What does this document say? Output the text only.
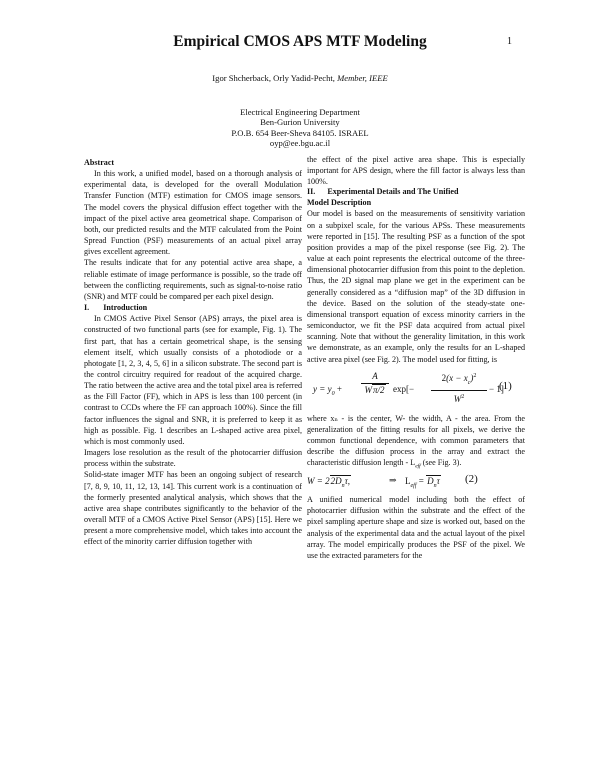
1
Empirical CMOS APS MTF Modeling
Igor Shcherback, Orly Yadid-Pecht, Member, IEEE
Electrical Engineering Department
Ben-Gurion University
P.O.B. 654 Beer-Sheva 84105. ISRAEL
oyp@ee.bgu.ac.il

Abstract

In this work, a unified model, based on a thorough analysis of experimental data, is developed for the overall Modulation Transfer Function (MTF) estimation for CMOS image sensors. The model covers the physical diffusion effect together with the impact of the pixel active area geometrical shape. Comparison of both, our predicted results and the MTF calculated from the Point Spread Function (PSF) measurements of an actual pixel array gives excellent agreement.

The results indicate that for any potential active area shape, a reliable estimate of image performance is possible, so the trade off between the conflicting requirements, such as signal-to-noise ratio (SNR) and MTF could be compared per each pixel design.

I. Introduction

In CMOS Active Pixel Sensor (APS) arrays, the pixel area is constructed of two functional parts (see for example, Fig. 1). The first part, that has a certain geometrical shape, is the sensing element itself, which usually consists of a photodiode or a photogate [1, 2, 3, 4, 5, 6] in a silicon substrate. The second part is the control circuitry required for readout of the acquired charge. The ratio between the active area and the total pixel area is referred as the Fill Factor (FF), which in APS is less than 100 percent (in contrast to CCDs where the FF can approach 100%). Since the fill factor influences the signal and SNR, it is preferred to keep it as high as possible. Fig. 1 describes an L-shaped active area pixel, which is most commonly used.

Imagers lose resolution as the result of the photocarrier diffusion process within the substrate.

Solid-state imager MTF has been an ongoing subject of research [7, 8, 9, 10, 11, 12, 13, 14]. This current work is a continuation of the formerly presented analytical analysis, which shows that the active area shape contributes significantly to the behavior of the overall MTF of a CMOS Active Pixel Sensor (APS) [15]. Here we present a more comprehensive model, which takes into account the effect of the minority carrier diffusion together with

the effect of the pixel active area shape. This is especially important for APS design, where the fill factor is always less than 100%.

II. Experimental Details and The Unified
Model Description

Our model is based on the measurements of sensitivity variation on a subpixel scale, for the various APSs. These measurements were reported in [15]. The resulting PSF as a function of the spot position provides a map of the pixel response (see Fig. 2). The value at each point represents the electrical outcome of the three-dimensional photocarrier diffusion from this point to the depletion. Thus, the 2D signal map plane we get in the experiment can be generally considered as a “diffusion map” of the 3D diffusion in the device. Based on the solution of the steady-state one-dimensional transport equation of excess minority carriers in the semiconductor, we fit the PSF data acquired from actual pixel scanning. Note that without the generality limitation, in this work we demonstrate, as an example, only the results for an L-shaped active area pixel (see Fig. 2). The model used for fitting, is

$y = y_0 + \frac{A}{W\pi/2} \exp[- \frac{2(x - x_c)^2}{W^2} - 1]$
(1)

where xₙ - is the center, W- the width, A - the area. From the generalization of the fitting results for all pixels, we derive the common functional dependence, with common parameters that describe the diffusion process in the array and extract the characteristic diffusion length - $L_{eff}$ (see Fig. 3).

$W = 22D_n\tau$,	⇒ $L_{eff} = D_n\tau$ (2)

A unified numerical model including both the effect of photocarrier diffusion within the substrate and the effect of the pixel sampling aperture shape and size is worked out, based on the analysis of the experimental data and the actual layout of the pixel array. The model empirically produces the PSF of the pixel. We use the extracted parameters for the
